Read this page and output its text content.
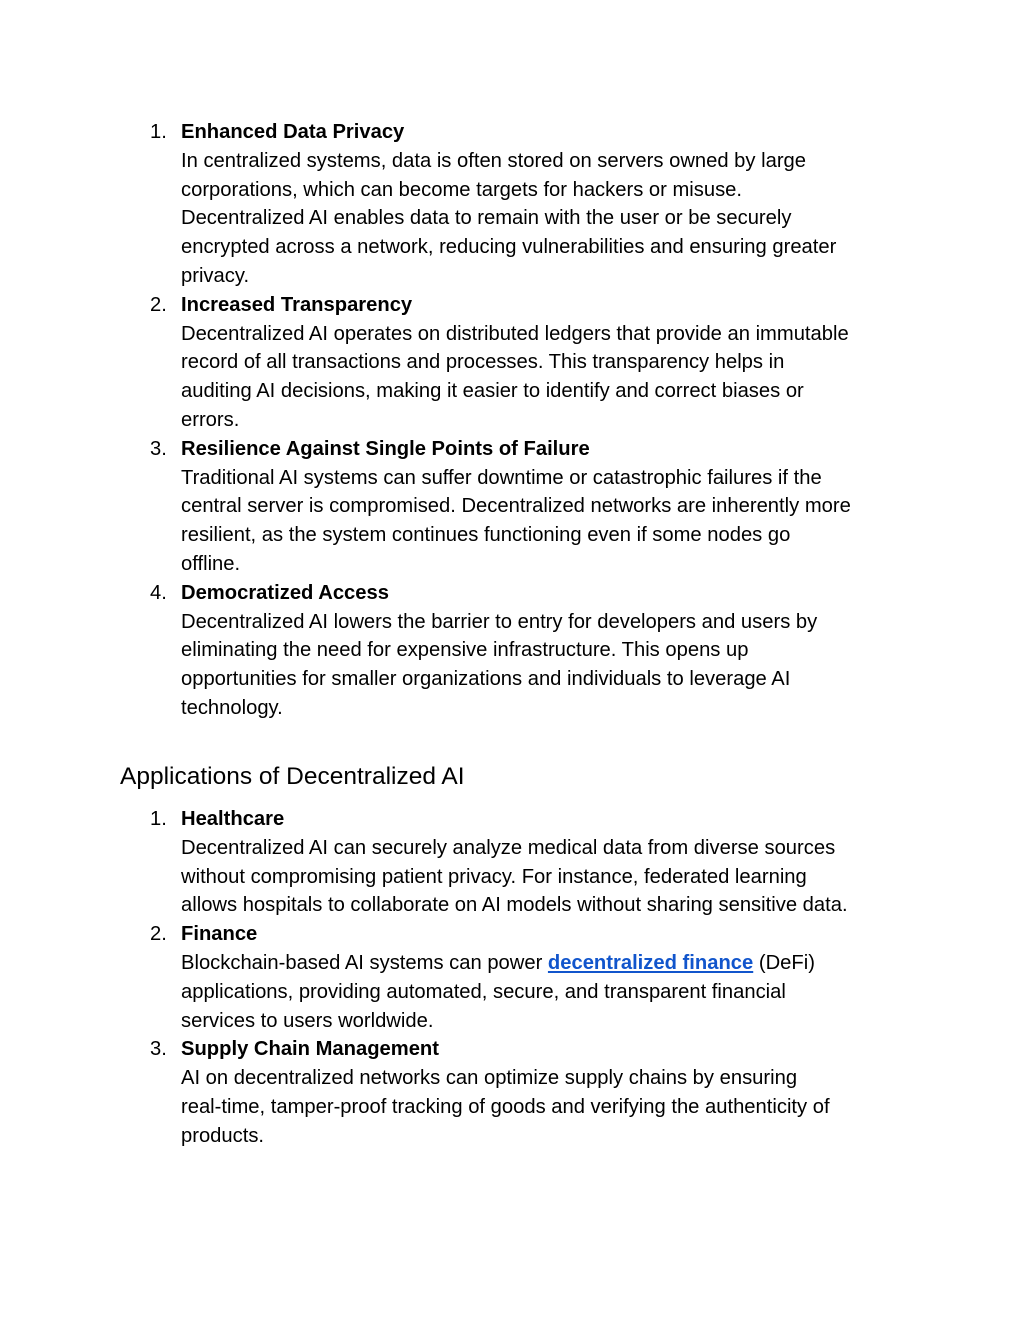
1. Enhanced Data Privacy
In centralized systems, data is often stored on servers owned by large
corporations, which can become targets for hackers or misuse.
Decentralized AI enables data to remain with the user or be securely
encrypted across a network, reducing vulnerabilities and ensuring greater
privacy.
2. Increased Transparency
Decentralized AI operates on distributed ledgers that provide an immutable
record of all transactions and processes. This transparency helps in
auditing AI decisions, making it easier to identify and correct biases or
errors.
3. Resilience Against Single Points of Failure
Traditional AI systems can suffer downtime or catastrophic failures if the
central server is compromised. Decentralized networks are inherently more
resilient, as the system continues functioning even if some nodes go
offline.
4. Democratized Access
Decentralized AI lowers the barrier to entry for developers and users by
eliminating the need for expensive infrastructure. This opens up
opportunities for smaller organizations and individuals to leverage AI
technology.
Applications of Decentralized AI
1. Healthcare
Decentralized AI can securely analyze medical data from diverse sources
without compromising patient privacy. For instance, federated learning
allows hospitals to collaborate on AI models without sharing sensitive data.
2. Finance
Blockchain-based AI systems can power decentralized finance (DeFi)
applications, providing automated, secure, and transparent financial
services to users worldwide.
3. Supply Chain Management
AI on decentralized networks can optimize supply chains by ensuring
real-time, tamper-proof tracking of goods and verifying the authenticity of
products.
